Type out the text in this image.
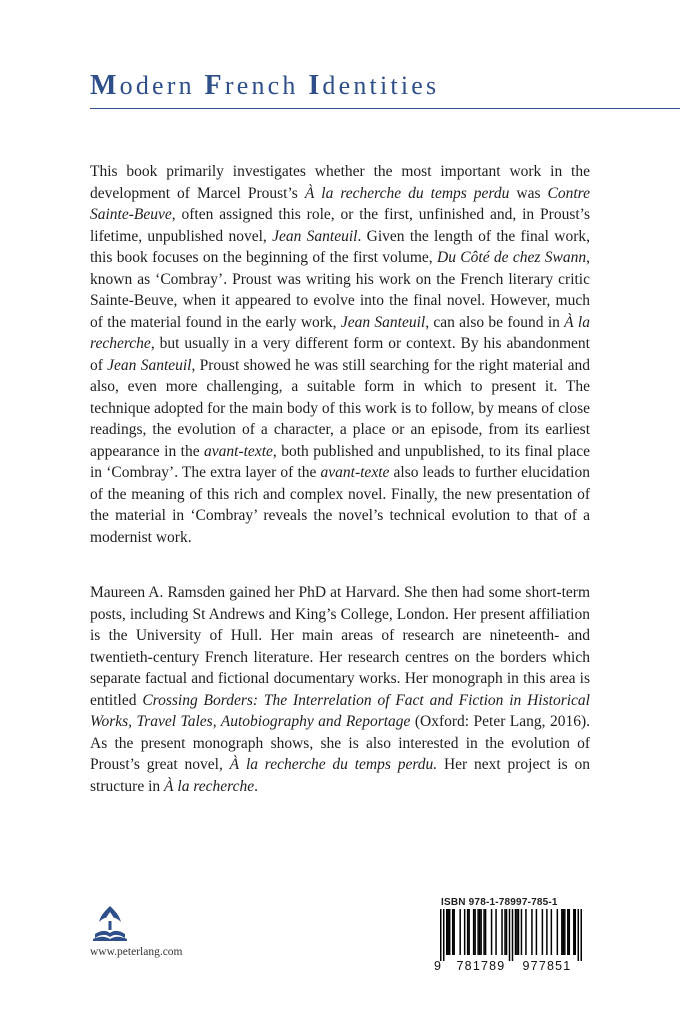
Modern French Identities

This book primarily investigates whether the most important work in the development of Marcel Proust’s À la recherche du temps perdu was Contre Sainte-Beuve, often assigned this role, or the first, unfinished and, in Proust’s lifetime, unpublished novel, Jean Santeuil. Given the length of the final work, this book focuses on the beginning of the first volume, Du Côté de chez Swann, known as ‘Combray’. Proust was writing his work on the French literary critic Sainte-Beuve, when it appeared to evolve into the final novel. However, much of the material found in the early work, Jean Santeuil, can also be found in À la recherche, but usually in a very different form or context. By his abandonment of Jean Santeuil, Proust showed he was still searching for the right material and also, even more challenging, a suitable form in which to present it. The technique adopted for the main body of this work is to follow, by means of close readings, the evolution of a character, a place or an episode, from its earliest appearance in the avant-texte, both published and unpublished, to its final place in ‘Combray’. The extra layer of the avant-texte also leads to further elucidation of the meaning of this rich and complex novel. Finally, the new presentation of the material in ‘Combray’ reveals the novel’s technical evolution to that of a modernist work.

Maureen A. Ramsden gained her PhD at Harvard. She then had some short-term posts, including St Andrews and King’s College, London. Her present affiliation is the University of Hull. Her main areas of research are nineteenth- and twentieth-century French literature. Her research centres on the borders which separate factual and fictional documentary works. Her monograph in this area is entitled Crossing Borders: The Interrelation of Fact and Fiction in Historical Works, Travel Tales, Autobiography and Reportage (Oxford: Peter Lang, 2016). As the present monograph shows, she is also interested in the evolution of Proust’s great novel, À la recherche du temps perdu. Her next project is on structure in À la recherche.

www.peterlang.com
ISBN 978-1-78997-785-1
9 781789 977851
